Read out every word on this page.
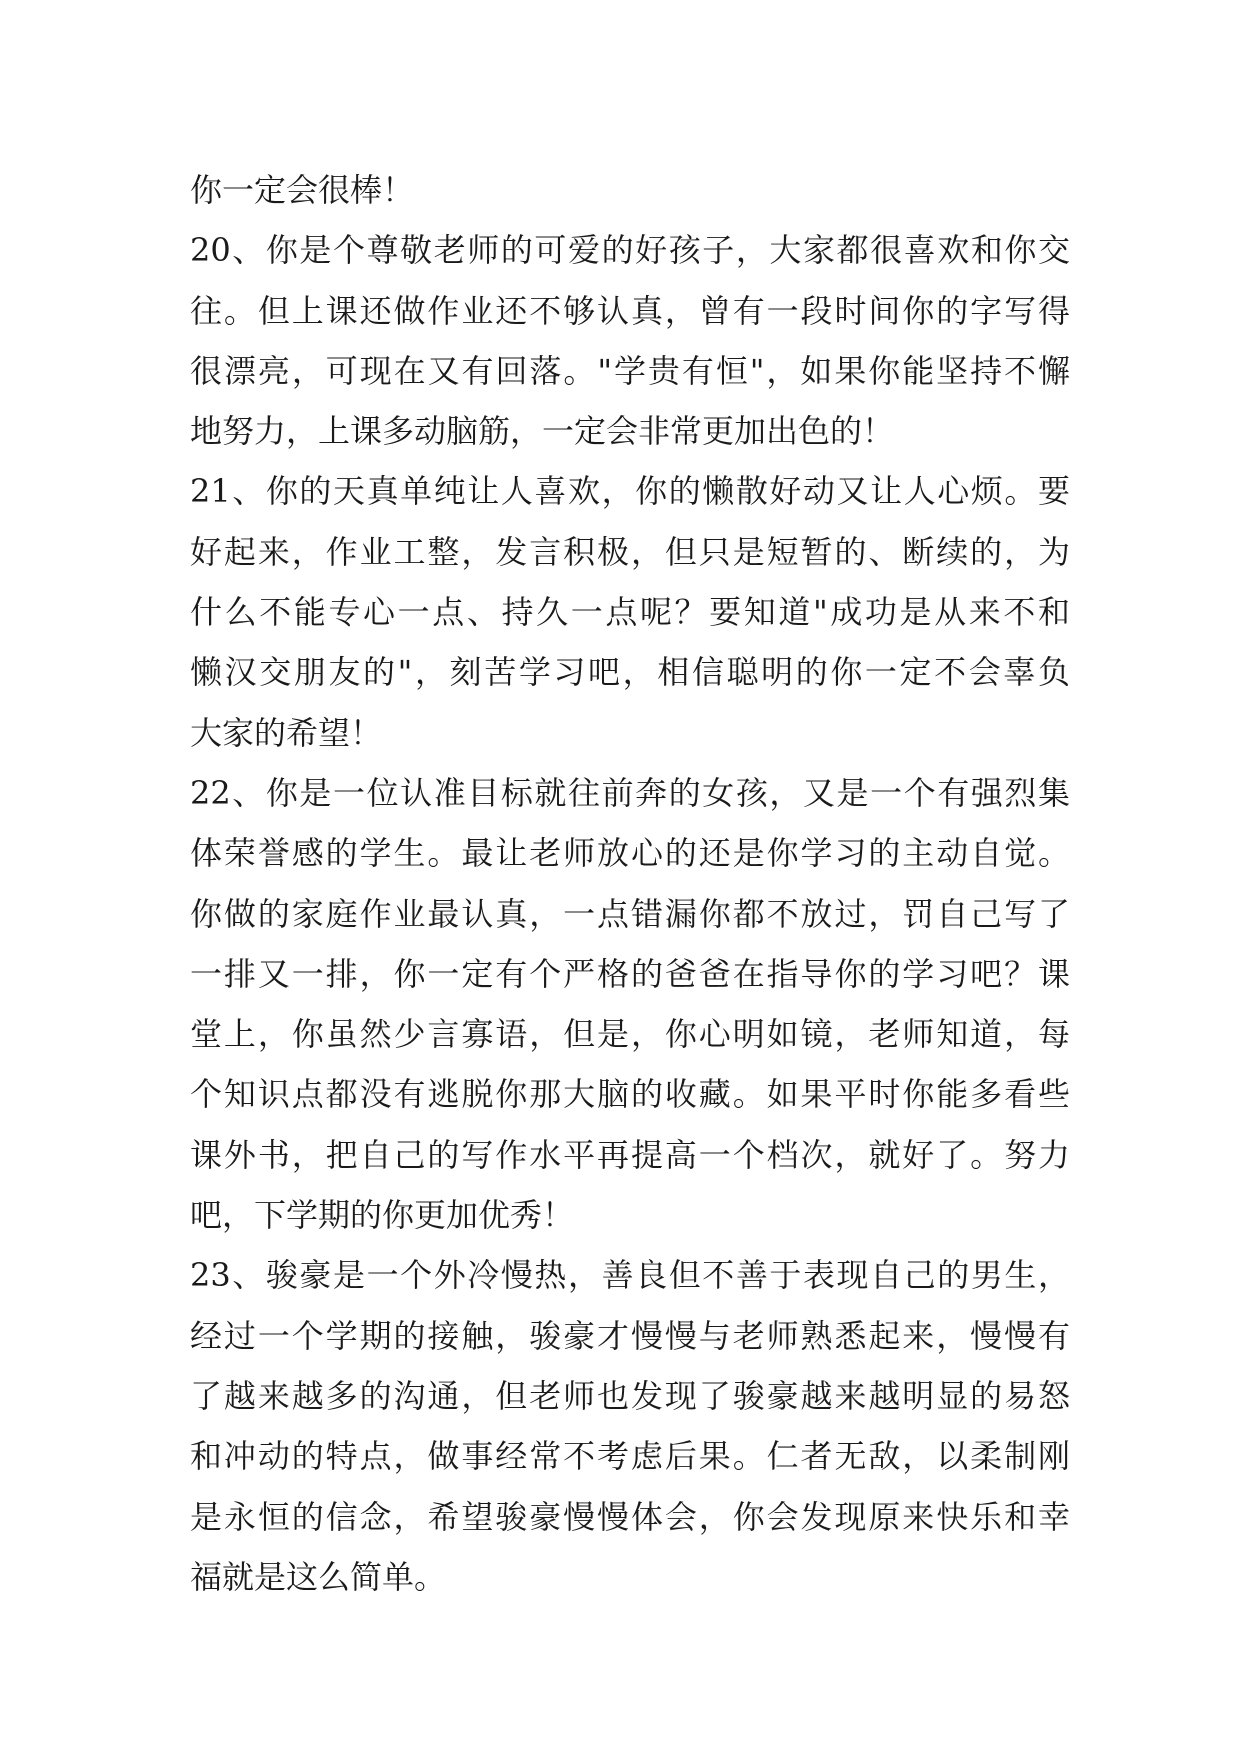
你一定会很棒！
20、你是个尊敬老师的可爱的好孩子，大家都很喜欢和你交
往。但上课还做作业还不够认真，曾有一段时间你的字写得
很漂亮，可现在又有回落。"学贵有恒"，如果你能坚持不懈
地努力，上课多动脑筋，一定会非常更加出色的！
21、你的天真单纯让人喜欢，你的懒散好动又让人心烦。要
好起来，作业工整，发言积极，但只是短暂的、断续的，为
什么不能专心一点、持久一点呢？要知道"成功是从来不和
懒汉交朋友的"，刻苦学习吧，相信聪明的你一定不会辜负
大家的希望！
22、你是一位认准目标就往前奔的女孩，又是一个有强烈集
体荣誉感的学生。最让老师放心的还是你学习的主动自觉。
你做的家庭作业最认真，一点错漏你都不放过，罚自己写了
一排又一排，你一定有个严格的爸爸在指导你的学习吧？课
堂上，你虽然少言寡语，但是，你心明如镜，老师知道，每
个知识点都没有逃脱你那大脑的收藏。如果平时你能多看些
课外书，把自己的写作水平再提高一个档次，就好了。努力
吧，下学期的你更加优秀！
23、骏豪是一个外冷慢热，善良但不善于表现自己的男生，
经过一个学期的接触，骏豪才慢慢与老师熟悉起来，慢慢有
了越来越多的沟通，但老师也发现了骏豪越来越明显的易怒
和冲动的特点，做事经常不考虑后果。仁者无敌，以柔制刚
是永恒的信念，希望骏豪慢慢体会，你会发现原来快乐和幸
福就是这么简单。
